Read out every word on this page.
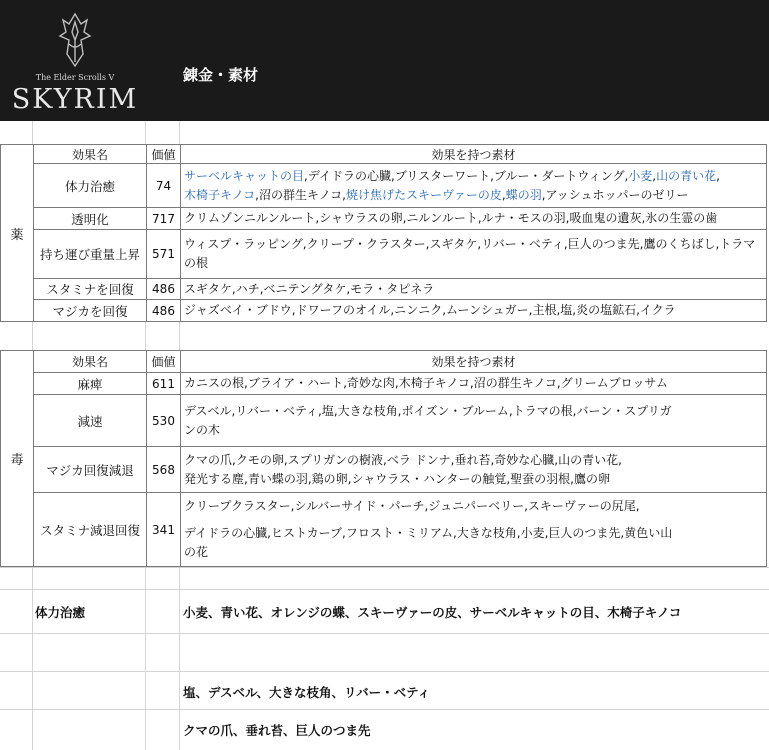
The Elder Scrolls V
SKYRIM
錬金・素材
薬	効果名	価値	効果を持つ素材
	体力治癒	74	サーベルキャットの目,デイドラの心臓,ブリスターワート,ブルー・ダートウィング,小麦,山の青い花,
木椅子キノコ,沼の群生キノコ,焼け焦げたスキーヴァーの皮,蝶の羽,アッシュホッパーのゼリー

	透明化	717	クリムゾンニルンルート,シャウラスの卵,ニルンルート,ルナ・モスの羽,吸血鬼の遺灰,氷の生霊の歯
	持ち運び重量上昇	571	ウィスプ・ラッピング,クリープ・クラスター,スギタケ,リバー・ベティ,巨人のつま先,鷹のくちばし,トラマの根
	スタミナを回復	486	スギタケ,ハチ,ベニテングタケ,モラ・タピネラ
	マジカを回復	486	ジャズベイ・ブドウ,ドワーフのオイル,ニンニク,ムーンシュガー,主根,塩,炎の塩鉱石,イクラ
毒	効果名	価値	効果を持つ素材
	麻痺	611	カニスの根,ブライア・ハート,奇妙な肉,木椅子キノコ,沼の群生キノコ,グリームブロッサム

	減速	530	デスベル,リバー・ベティ,塩,大きな枝角,ポイズン・ブルーム,トラマの根,バーン・スプリガ
ンの木

	マジカ回復減退	568	クマの爪,クモの卵,スプリガンの樹液,ベラ ドンナ,垂れ苔,奇妙な心臓,山の青い花,
発光する塵,青い蝶の羽,鶏の卵,シャウラス・ハンターの触覚,聖蚕の羽根,鷹の卵

	スタミナ減退回復	341	クリープクラスター,シルバーサイド・パーチ,ジュニパーベリー,スキーヴァーの尻尾,
デイドラの心臓,ヒストカーブ,フロスト・ミリアム,大きな枝角,小麦,巨人のつま先,黄色い山
の花
体力治癒	小麦、青い花、オレンジの蝶、スキーヴァーの皮、サーベルキャットの目、木椅子キノコ
塩、デスベル、大きな枝角、リバー・ベティ
クマの爪、垂れ苔、巨人のつま先
